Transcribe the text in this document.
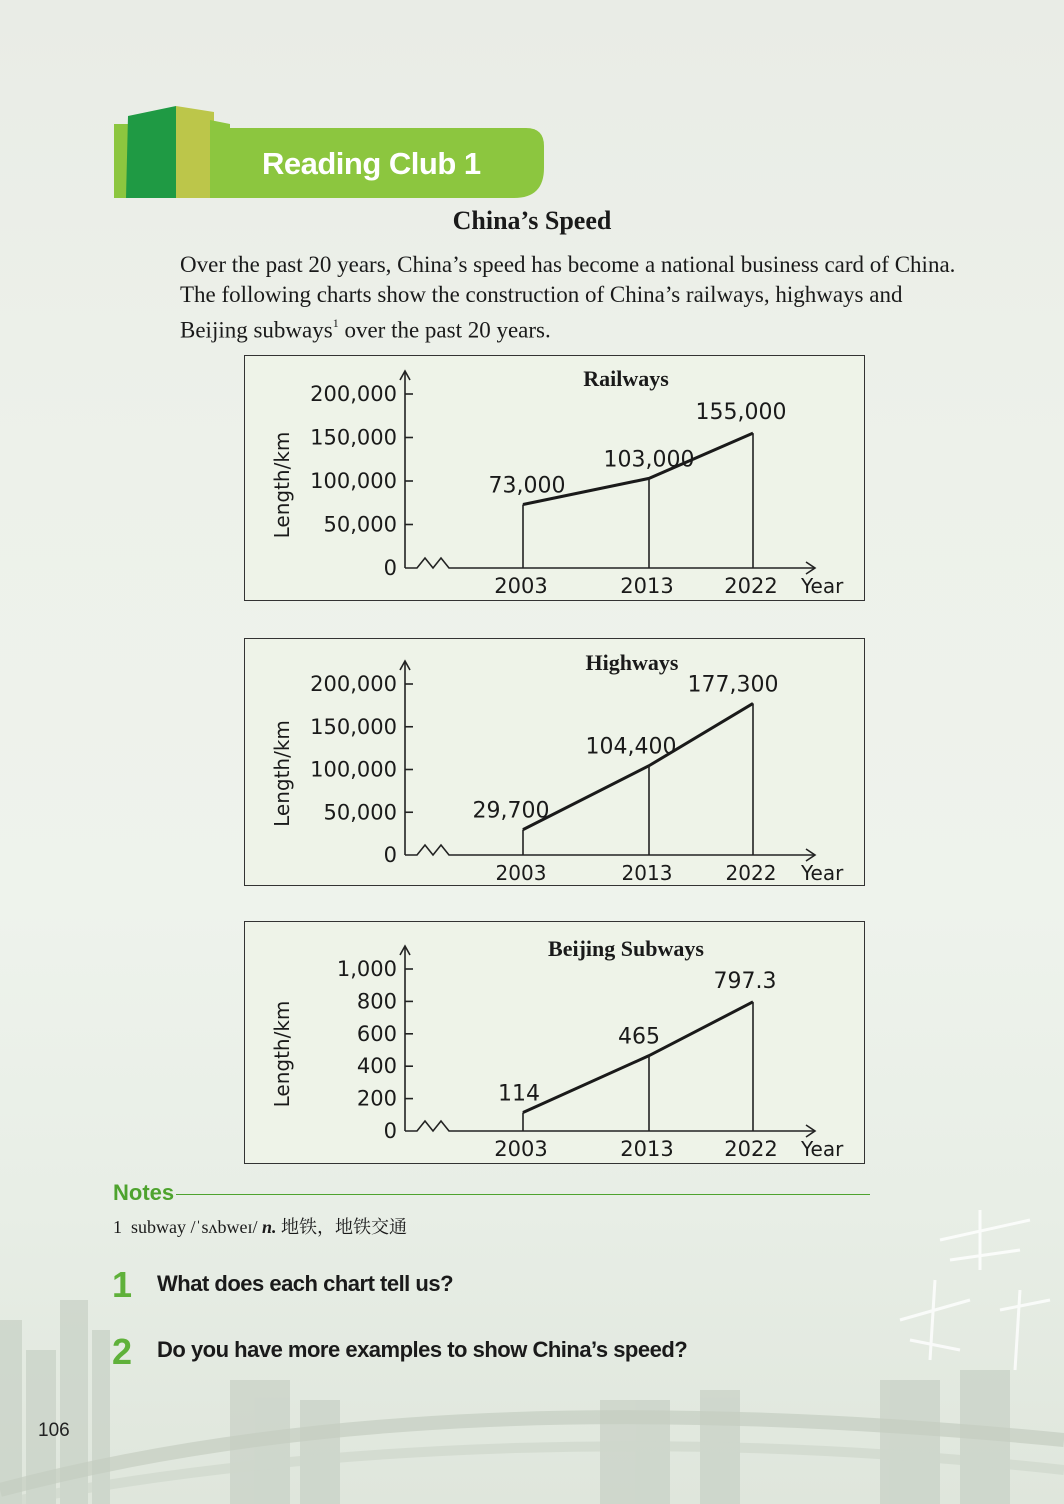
Reading Club 1
China’s Speed

Over the past 20 years, China’s speed has become a national business card of China. The following charts show the construction of China’s railways, highways and Beijing subways$^1$ over the past 20 years.

Railways
Length/km
0
50,000
100,000
150,000
200,000
Year
73,000
2003
103,000
2013
155,000
2022
Highways
Length/km
0
50,000
100,000
150,000
200,000
Year
29,700
2003
104,400
2013
177,300
2022
Beijing Subways
Length/km
0
200
400
600
800
1,000
Year
114
2003
465
2013
797.3
2022

Notes

1 subway /ˈsʌbweɪ/ n. 地铁，地铁交通

1 What does each chart tell us?

2 Do you have more examples to show China’s speed?

106
